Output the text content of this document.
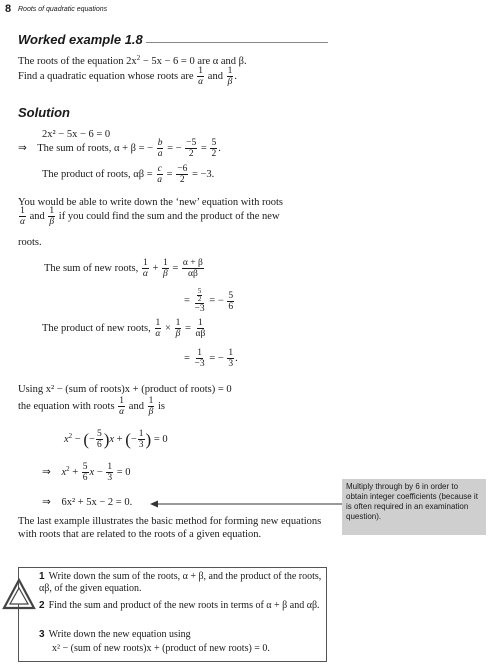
8 Roots of quadratic equations
Worked example 1.8
The roots of the equation $2x^2 - 5x - 6 = 0$ are α and β.
Find a quadratic equation whose roots are $\frac{1}{\alpha}$ and $\frac{1}{\beta}$ .
Solution
2x² − 5x − 6 = 0
⇒ The sum of roots, α + β = − $\frac{b}{a}$ = − $\frac{-5}{2} = \frac{5}{2}$ .
The product of roots, $\alpha\beta = \frac{c}{a} = \frac{-6}{2} = -3$.
You would be able to write down the ‘new’ equation with roots
$\frac{1}{\alpha}$ and $\frac{1}{\beta}$ if you could find the sum and the product of the new
roots.
The sum of new roots, $\frac{1}{\alpha} + \frac{1}{\beta} = \frac{\alpha + \beta}{\alpha\beta}$
= $\frac{\frac{5}{2}}{-3}$ = − $\frac{5}{6}$
The product of new roots, $\frac{1}{\alpha} \times \frac{1}{\beta} = \frac{1}{\alpha\beta}$
= $\frac{1}{-3}$ = − $\frac{1}{3}$ .
Using x² − (sum of roots)x + (product of roots) = 0
the equation with roots $\frac{1}{\alpha}$ and $\frac{1}{\beta}$ is
$x^2$ − (− $\frac{5}{6} )x$ + (− $\frac{1}{3}$ ) = 0
⇒ $x^2 + \frac{5}{6}$ $x - \frac{1}{3} = 0$
⇒ 6x² + 5x − 2 = 0.
Multiply through by 6 in order to obtain integer coefficients (because it is often required in an examination question).
The last example illustrates the basic method for forming new equations with roots that are related to the roots of a given equation.
1 Write down the sum of the roots, α + β, and the product of the roots, αβ, of the given equation.
2 Find the sum and product of the new roots in terms of α + β and αβ.
3 Write down the new equation using
x² − (sum of new roots)x + (product of new roots) = 0.
